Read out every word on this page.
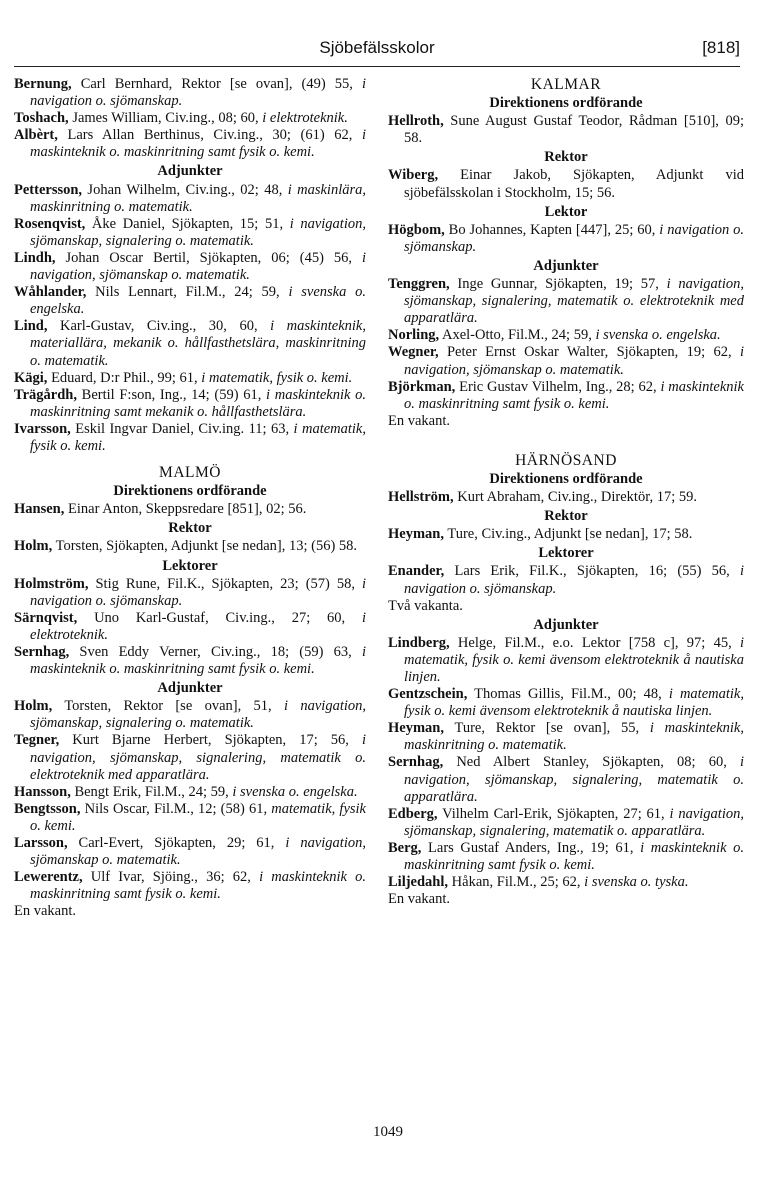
Sjöbefälsskolor	[818]

Bernung, Carl Bernhard, Rektor [se ovan], (49) 55, i navigation o. sjömanskap.

Toshach, James William, Civ.ing., 08; 60, i elektroteknik.

Albèrt, Lars Allan Berthinus, Civ.ing., 30; (61) 62, i maskinteknik o. maskinritning samt fysik o. kemi.

Adjunkter

Pettersson, Johan Wilhelm, Civ.ing., 02; 48, i maskinlära, maskinritning o. matematik.

Rosenqvist, Åke Daniel, Sjökapten, 15; 51, i navigation, sjömanskap, signalering o. matematik.

Lindh, Johan Oscar Bertil, Sjökapten, 06; (45) 56, i navigation, sjömanskap o. matematik.

Wåhlander, Nils Lennart, Fil.M., 24; 59, i svenska o. engelska.

Lind, Karl-Gustav, Civ.ing., 30, 60, i maskinteknik, materiallära, mekanik o. hållfasthetslära, maskinritning o. matematik.

Kägi, Eduard, D:r Phil., 99; 61, i matematik, fysik o. kemi.

Trägårdh, Bertil F:son, Ing., 14; (59) 61, i maskinteknik o. maskinritning samt mekanik o. hållfasthetslära.

Ivarsson, Eskil Ingvar Daniel, Civ.ing. 11; 63, i matematik, fysik o. kemi.

MALMÖ
Direktionens ordförande

Hansen, Einar Anton, Skeppsredare [851], 02; 56.

Rektor

Holm, Torsten, Sjökapten, Adjunkt [se nedan], 13; (56) 58.

Lektorer

Holmström, Stig Rune, Fil.K., Sjökapten, 23; (57) 58, i navigation o. sjömanskap.

Särnqvist, Uno Karl-Gustaf, Civ.ing., 27; 60, i elektroteknik.

Sernhag, Sven Eddy Verner, Civ.ing., 18; (59) 63, i maskinteknik o. maskinritning samt fysik o. kemi.

Adjunkter

Holm, Torsten, Rektor [se ovan], 51, i navigation, sjömanskap, signalering o. matematik.

Tegner, Kurt Bjarne Herbert, Sjökapten, 17; 56, i navigation, sjömanskap, signalering, matematik o. elektroteknik med apparatlära.

Hansson, Bengt Erik, Fil.M., 24; 59, i svenska o. engelska.

Bengtsson, Nils Oscar, Fil.M., 12; (58) 61, matematik, fysik o. kemi.

Larsson, Carl-Evert, Sjökapten, 29; 61, i navigation, sjömanskap o. matematik.

Lewerentz, Ulf Ivar, Sjöing., 36; 62, i maskinteknik o. maskinritning samt fysik o. kemi.

En vakant.
KALMAR
Direktionens ordförande

Hellroth, Sune August Gustaf Teodor, Rådman [510], 09; 58.

Rektor

Wiberg, Einar Jakob, Sjökapten, Adjunkt vid sjöbefälsskolan i Stockholm, 15; 56.

Lektor

Högbom, Bo Johannes, Kapten [447], 25; 60, i navigation o. sjömanskap.

Adjunkter

Tenggren, Inge Gunnar, Sjökapten, 19; 57, i navigation, sjömanskap, signalering, matematik o. elektroteknik med apparatlära.

Norling, Axel-Otto, Fil.M., 24; 59, i svenska o. engelska.

Wegner, Peter Ernst Oskar Walter, Sjökapten, 19; 62, i navigation, sjömanskap o. matematik.

Björkman, Eric Gustav Vilhelm, Ing., 28; 62, i maskinteknik o. maskinritning samt fysik o. kemi.

En vakant.
HÄRNÖSAND
Direktionens ordförande

Hellström, Kurt Abraham, Civ.ing., Direktör, 17; 59.

Rektor

Heyman, Ture, Civ.ing., Adjunkt [se nedan], 17; 58.

Lektorer

Enander, Lars Erik, Fil.K., Sjökapten, 16; (55) 56, i navigation o. sjömanskap.

Två vakanta.
Adjunkter

Lindberg, Helge, Fil.M., e.o. Lektor [758 c], 97; 45, i matematik, fysik o. kemi ävensom elektroteknik å nautiska linjen.

Gentzschein, Thomas Gillis, Fil.M., 00; 48, i matematik, fysik o. kemi ävensom elektroteknik å nautiska linjen.

Heyman, Ture, Rektor [se ovan], 55, i maskinteknik, maskinritning o. matematik.

Sernhag, Ned Albert Stanley, Sjökapten, 08; 60, i navigation, sjömanskap, signalering, matematik o. apparatlära.

Edberg, Vilhelm Carl-Erik, Sjökapten, 27; 61, i navigation, sjömanskap, signalering, matematik o. apparatlära.

Berg, Lars Gustaf Anders, Ing., 19; 61, i maskinteknik o. maskinritning samt fysik o. kemi.

Liljedahl, Håkan, Fil.M., 25; 62, i svenska o. tyska.

En vakant.
1049
